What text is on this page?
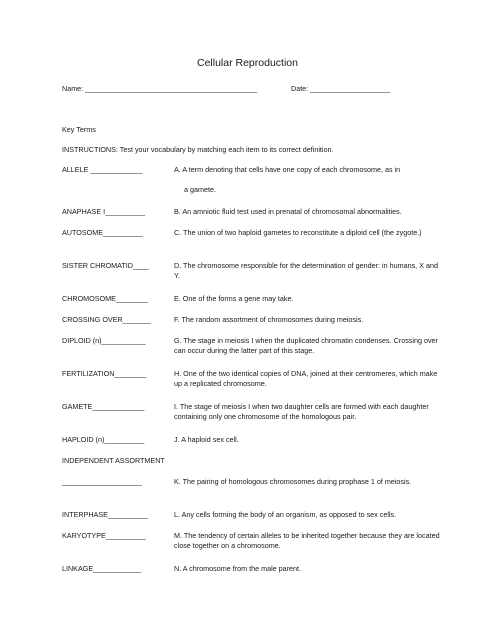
Cellular Reproduction
Name: ___________________________________________	Date: ____________________
Key Terms
INSTRUCTIONS: Test your vocabulary by matching each item to its correct definition.
ALLELE _____________	A. A term denoting that cells have one copy of each chromosome, as in
a gamete.
ANAPHASE I__________	B. An amniotic fluid test used in prenatal of chromosomal abnormalities.
AUTOSOME__________	C. The union of two haploid gametes to reconstitute a diploid cell (the zygote.)
SISTER CHROMATID____	D. The chromosome responsible for the determination of gender: in humans, X and Y.
CHROMOSOME________	E. One of the forms a gene may take.
CROSSING OVER_______	F. The random assortment of chromosomes during meiosis.
DIPLOID (n)___________	G. The stage in meiosis I when the duplicated chromatin condenses. Crossing over can occur during the latter part of this stage.
FERTILIZATION________	H. One of the two identical copies of DNA, joined at their centromeres, which make up a replicated chromosome.
GAMETE_____________	I. The stage of meiosis I when two daughter cells are formed with each daughter containing only one chromosome of the homologous pair.
HAPLOID (n)__________	J. A haploid sex cell.
INDEPENDENT ASSORTMENT
____________________	K. The pairing of homologous chromosomes during prophase 1 of meiosis.
INTERPHASE__________	L. Any cells forming the body of an organism, as opposed to sex cells.
KARYOTYPE__________	M. The tendency of certain alleles to be inherited together because they are located close together on a chromosome.
LINKAGE____________	N. A chromosome from the male parent.
